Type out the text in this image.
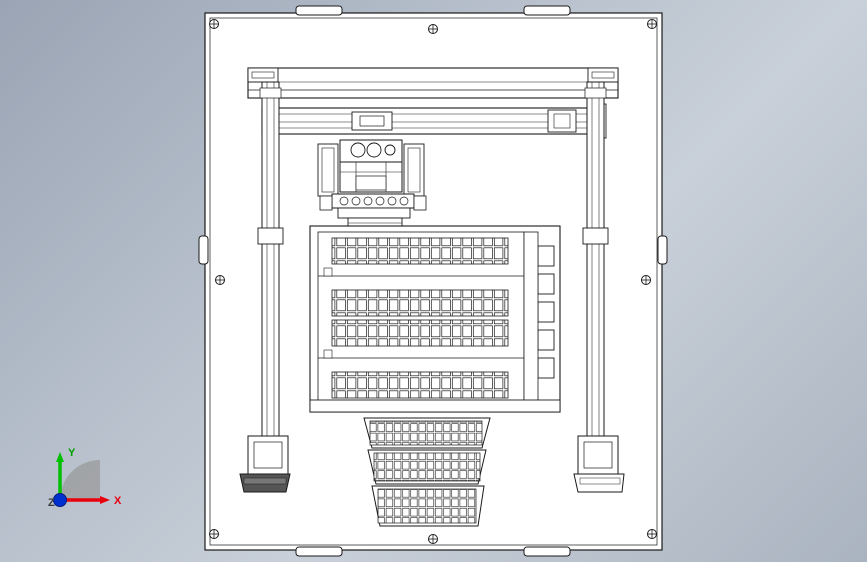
Y
X
Z
